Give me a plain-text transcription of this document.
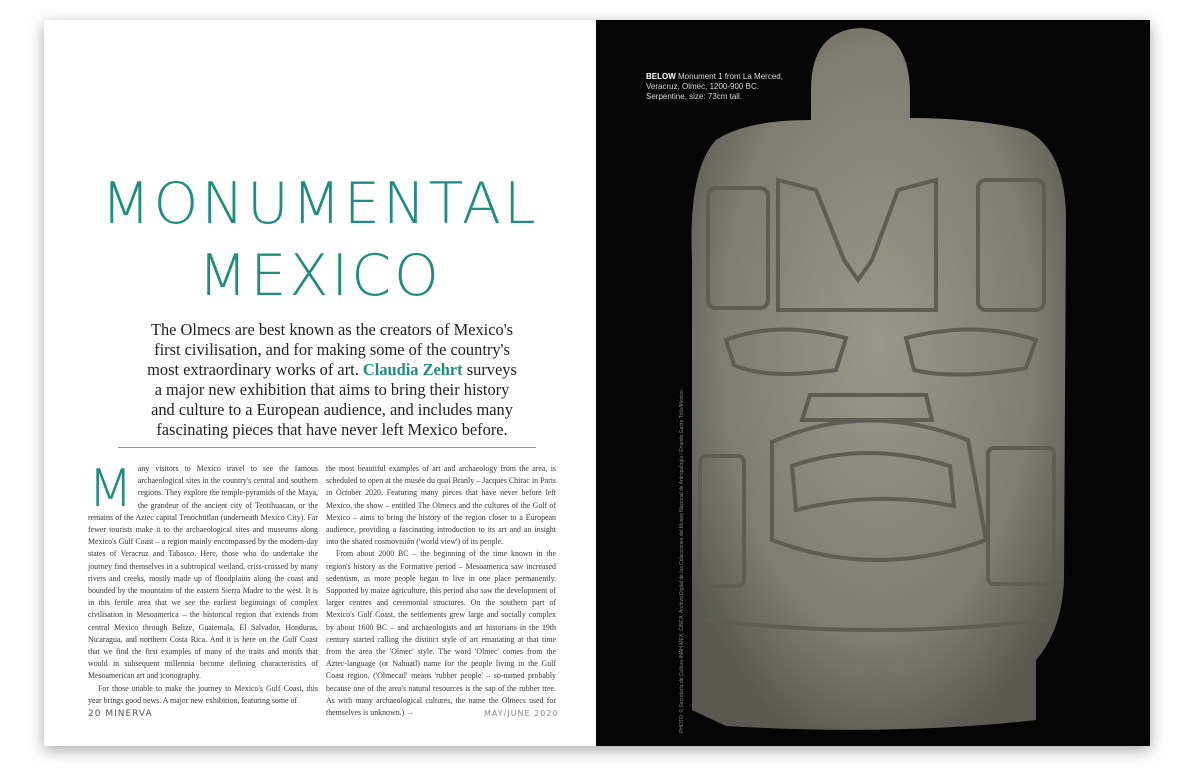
MONUMENTAL
MEXICO

The Olmecs are best known as the creators of Mexico's first civilisation, and for making some of the country's most extraordinary works of art. Claudia Zehrt surveys a major new exhibition that aims to bring their history and culture to a European audience, and includes many fascinating pieces that have never left Mexico before.

Many visitors to Mexico travel to see the famous archaeological sites in the country's central and southern regions. They explore the temple-pyramids of the Maya, the grandeur of the ancient city of Teotihuacan, or the remains of the Aztec capital Tenochtitlan (underneath Mexico City). Far fewer tourists make it to the archaeological sites and museums along Mexico's Gulf Coast – a region mainly encompassed by the modern-day states of Veracruz and Tabasco. Here, those who do undertake the journey find themselves in a subtropical wetland, criss-crossed by many rivers and creeks, mostly made up of floodplains along the coast and bounded by the mountains of the eastern Sierra Madre to the west. It is in this fertile area that we see the earliest beginnings of complex civilisation in Mesoamerica – the historical region that extends from central Mexico through Belize, Guatemala, El Salvador, Honduras, Nicaragua, and northern Costa Rica. And it is here on the Gulf Coast that we find the first examples of many of the traits and motifs that would in subsequent millennia become defining characteristics of Mesoamerican art and iconography.

For those unable to make the journey to Mexico's Gulf Coast, this year brings good news. A major new exhibition, featuring some of

the most beautiful examples of art and archaeology from the area, is scheduled to open at the musée du quai Branly – Jacques Chirac in Paris in October 2020. Featuring many pieces that have never before left Mexico, the show – entitled The Olmecs and the cultures of the Gulf of Mexico – aims to bring the history of the region closer to a European audience, providing a fascinating introduction to its art and an insight into the shared cosmovisión ('world view') of its people.

From about 2000 BC – the beginning of the time known in the region's history as the Formative period – Mesoamerica saw increased sedentism, as more people began to live in one place permanently. Supported by maize agriculture, this period also saw the development of larger centres and ceremonial structures. On the southern part of Mexico's Gulf Coast, the settlements grew large and socially complex by about 1600 BC – and archaeologists and art historians in the 19th century started calling the distinct style of art emanating at that time from the area the 'Olmec' style. The word 'Olmec' comes from the Aztec-language (or Nahuatl) name for the people living in the Gulf Coast region. ('Olmecatl' means 'rubber people' – so-named probably because one of the area's natural resources is the sap of the rubber tree. As with many archaeological cultures, the name the Olmecs used for themselves is unknown.) →

20 MINERVA	MAY/JUNE 2020
BELOW Monument 1 from La Merced, Veracruz, Olmec, 1200-900 BC. Serpentine, size: 73cm tall.
PHOTO: © Secretaría de Cultura-INAH-MEX; CINCA, Archivo Digital de las Colecciones del Museo Nacional de Antropología / Ernesto Garza Trillo/Mexico
